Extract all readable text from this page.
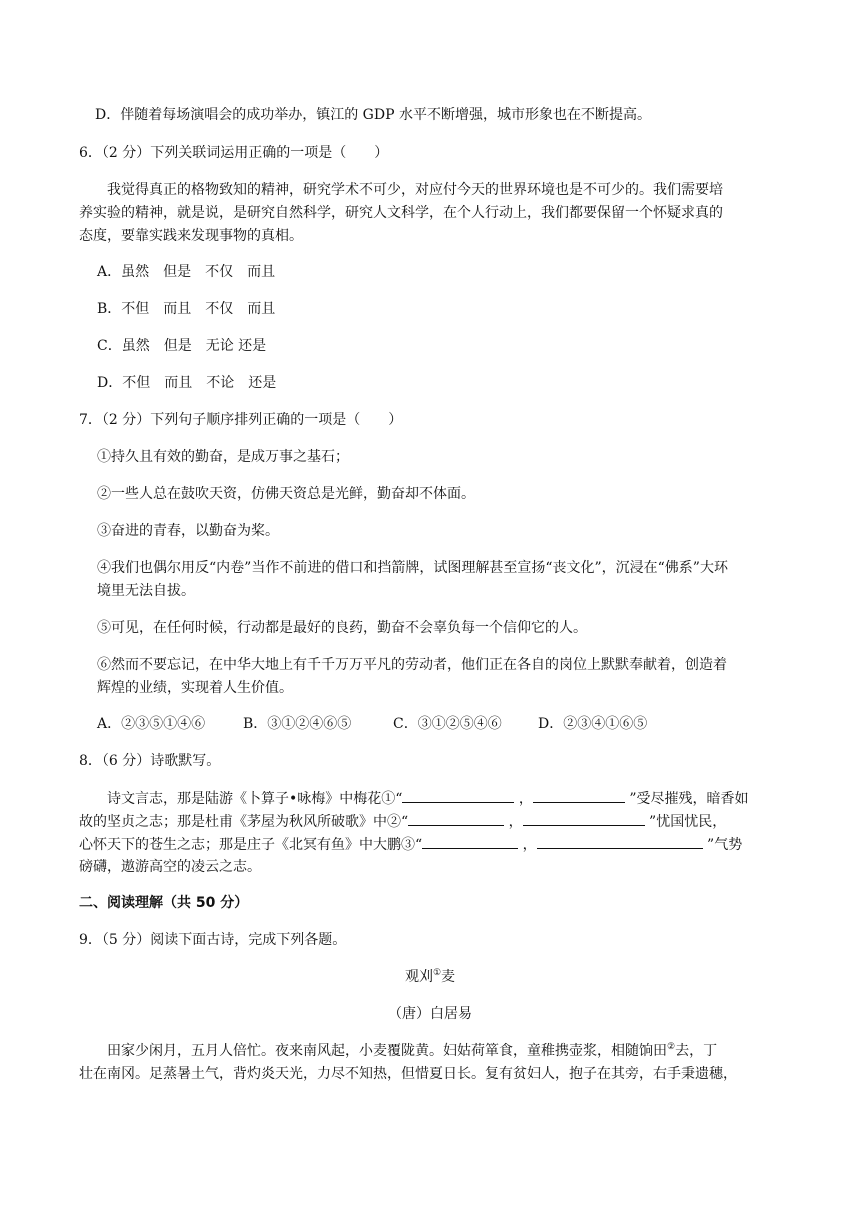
D．伴随着每场演唱会的成功举办，镇江的 GDP 水平不断增强，城市形象也在不断提高。
6．（2 分）下列关联词运用正确的一项是（　　）
我觉得真正的格物致知的精神，研究学术不可少，对应付今天的世界环境也是不可少的。我们需要培
养实验的精神，就是说，是研究自然科学，研究人文科学，在个人行动上，我们都要保留一个怀疑求真的
态度，要靠实践来发现事物的真相。
A．虽然　但是　不仅　而且
B．不但　而且　不仅　而且
C．虽然　但是　无论 还是
D．不但　而且　不论　还是
7．（2 分）下列句子顺序排列正确的一项是（　　）
①持久且有效的勤奋，是成万事之基石；
②一些人总在鼓吹天资，仿佛天资总是光鲜，勤奋却不体面。
③奋进的青春，以勤奋为桨。
④我们也偶尔用反“内卷”当作不前进的借口和挡箭牌，试图理解甚至宣扬“丧文化”，沉浸在“佛系”大环
境里无法自拔。
⑤可见，在任何时候，行动都是最好的良药，勤奋不会辜负每一个信仰它的人。
⑥然而不要忘记，在中华大地上有千千万万平凡的劳动者，他们正在各自的岗位上默默奉献着，创造着
辉煌的业绩，实现着人生价值。
A．②③⑤①④⑥	B．③①②④⑥⑤	C．③①②⑤④⑥	D．②③④①⑥⑤
8．（6 分）诗歌默写。
诗文言志，那是陆游《卜算子•咏梅》中梅花①“	，	”受尽摧残，暗香如
故的坚贞之志；那是杜甫《茅屋为秋风所破歌》中②“	，	”忧国忧民，
心怀天下的苍生之志；那是庄子《北冥有鱼》中大鹏③“	，	”气势
磅礴，遨游高空的凌云之志。
二、阅读理解（共 50 分）
9．（5 分）阅读下面古诗，完成下列各题。
观刈①麦
（唐）白居易
田家少闲月，五月人倍忙。夜来南风起，小麦覆陇黄。妇姑荷箪食，童稚携壶浆，相随饷田②去，丁
壮在南冈。足蒸暑土气，背灼炎天光，力尽不知热，但惜夏日长。复有贫妇人，抱子在其旁，右手秉遗穗，
